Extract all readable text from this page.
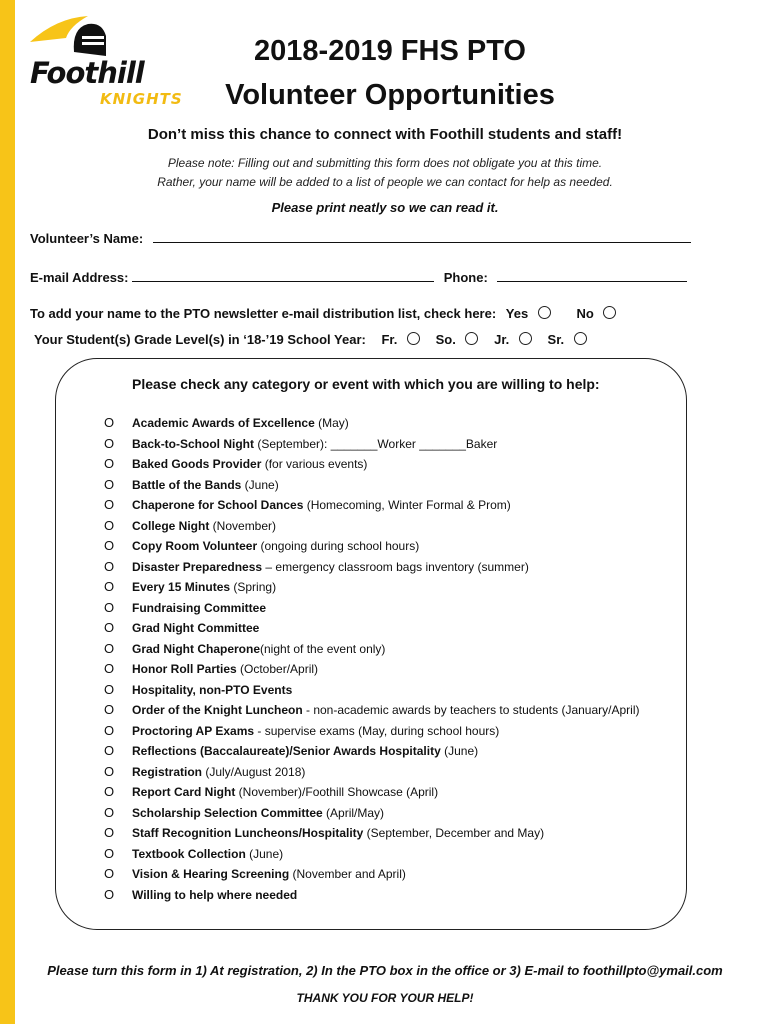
Foothill
KNIGHTS
2018-2019 FHS PTO
Volunteer Opportunities
Don’t miss this chance to connect with Foothill students and staff!
Please note: Filling out and submitting this form does not obligate you at this time.
Rather, your name will be added to a list of people we can contact for help as needed.
Please print neatly so we can read it.
Volunteer’s Name:
E-mail Address:	Phone:
To add your name to the PTO newsletter e-mail distribution list, check here: Yes	No
Your Student(s) Grade Level(s) in ‘18-’19 School Year: Fr.	So.	Jr.	Sr.
Please check any category or event with which you are willing to help:
O Academic Awards of Excellence (May)
O Back-to-School Night (September): _______Worker _______Baker
O Baked Goods Provider (for various events)
O Battle of the Bands (June)
O Chaperone for School Dances (Homecoming, Winter Formal & Prom)
O College Night (November)
O Copy Room Volunteer (ongoing during school hours)
O Disaster Preparedness – emergency classroom bags inventory (summer)
O Every 15 Minutes (Spring)
O Fundraising Committee
O Grad Night Committee
O Grad Night Chaperone(night of the event only)
O Honor Roll Parties (October/April)
O Hospitality, non-PTO Events
O Order of the Knight Luncheon - non-academic awards by teachers to students (January/April)
O Proctoring AP Exams - supervise exams (May, during school hours)
O Reflections (Baccalaureate)/Senior Awards Hospitality (June)
O Registration (July/August 2018)
O Report Card Night (November)/Foothill Showcase (April)
O Scholarship Selection Committee (April/May)
O Staff Recognition Luncheons/Hospitality (September, December and May)
O Textbook Collection (June)
O Vision & Hearing Screening (November and April)
O Willing to help where needed
Please turn this form in 1) At registration, 2) In the PTO box in the office or 3) E-mail to foothillpto@ymail.com
THANK YOU FOR YOUR HELP!
